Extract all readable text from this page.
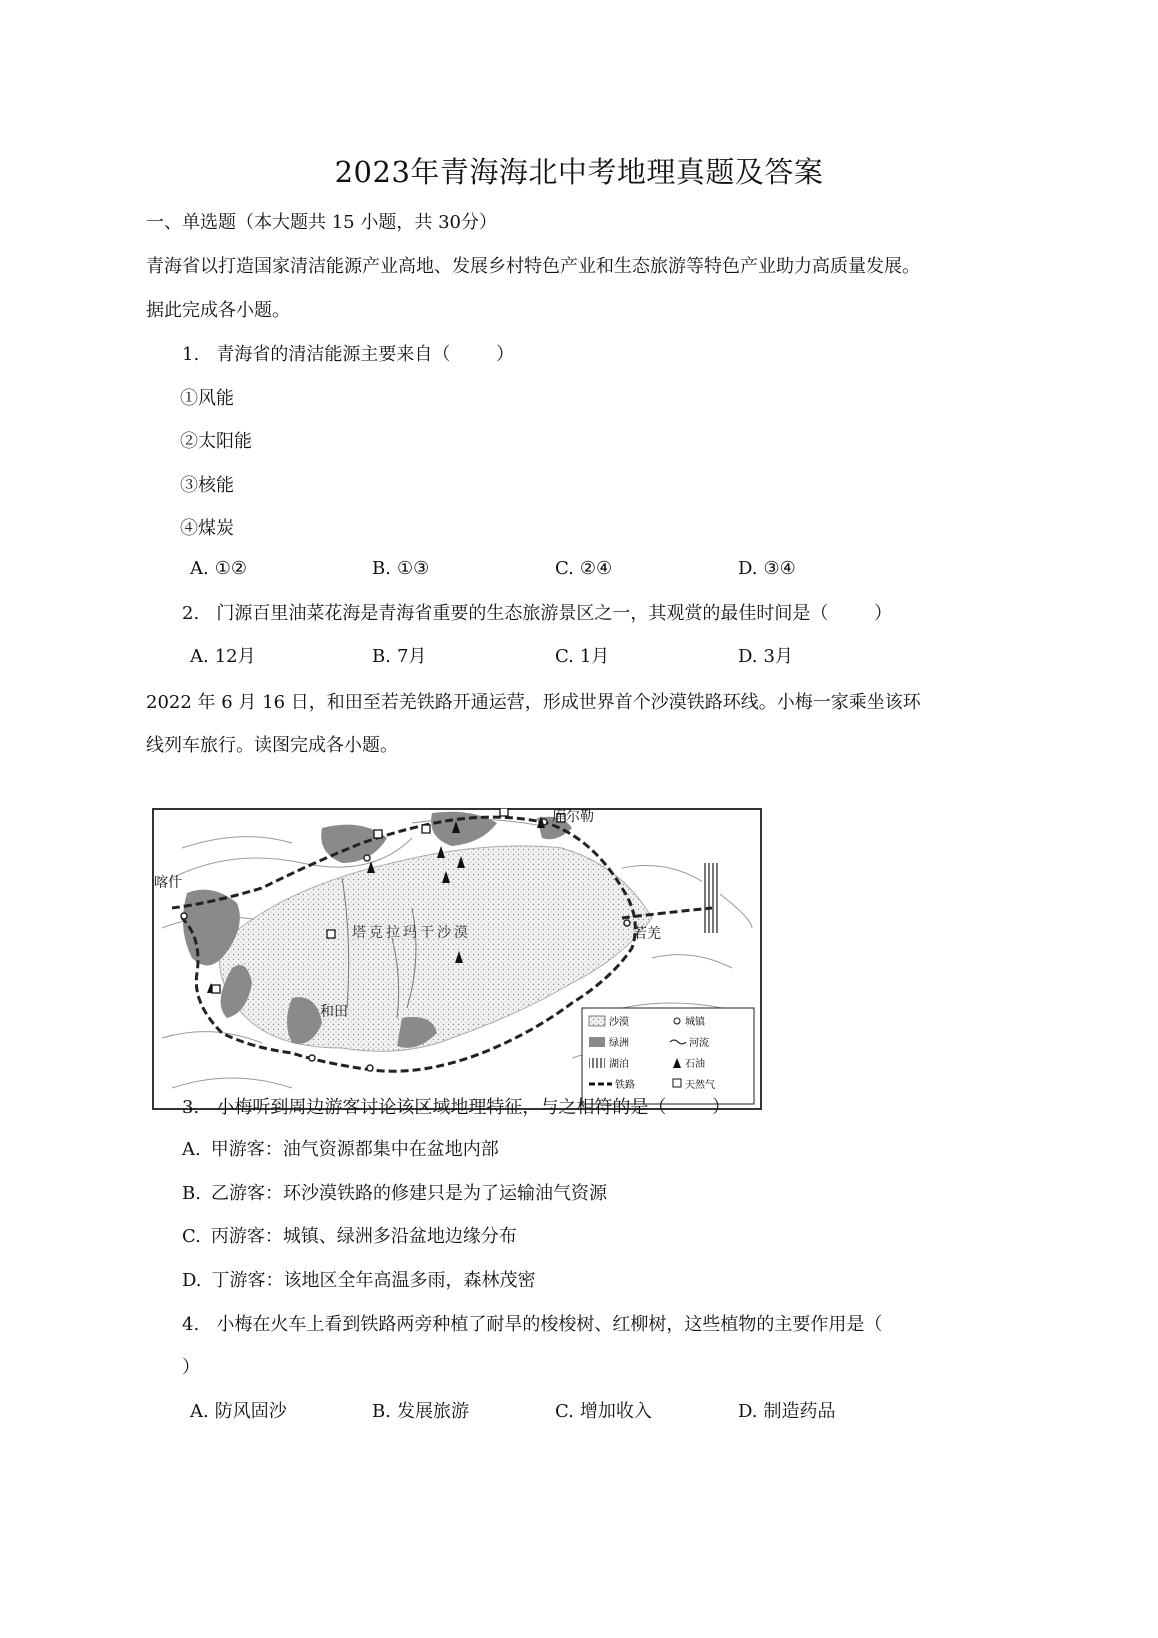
2023年青海海北中考地理真题及答案
一、单选题（本大题共 15 小题，共 30分）
青海省以打造国家清洁能源产业高地、发展乡村特色产业和生态旅游等特色产业助力高质量发展。
据此完成各小题。
1.   青海省的清洁能源主要来自（        ）
①风能
②太阳能
③核能
④煤炭
A. ①②	B. ①③	C. ②④	D. ③④
2.   门源百里油菜花海是青海省重要的生态旅游景区之一，其观赏的最佳时间是（        ）
A. 12月	B. 7月	C. 1月	D. 3月
2022 年 6 月 16 日，和田至若羌铁路开通运营，形成世界首个沙漠铁路环线。小梅一家乘坐该环
线列车旅行。读图完成各小题。
喀什
库尔勒
若羌
和田
塔克拉玛干沙漠
沙漠	城镇
绿洲	河流
湖泊	石油
铁路	天然气
3.   小梅听到周边游客讨论该区域地理特征，与之相符的是（        ）
A. 甲游客：油气资源都集中在盆地内部
B. 乙游客：环沙漠铁路的修建只是为了运输油气资源
C. 丙游客：城镇、绿洲多沿盆地边缘分布
D. 丁游客：该地区全年高温多雨，森林茂密
4.   小梅在火车上看到铁路两旁种植了耐旱的梭梭树、红柳树，这些植物的主要作用是（
）
A. 防风固沙	B. 发展旅游	C. 增加收入	D. 制造药品
